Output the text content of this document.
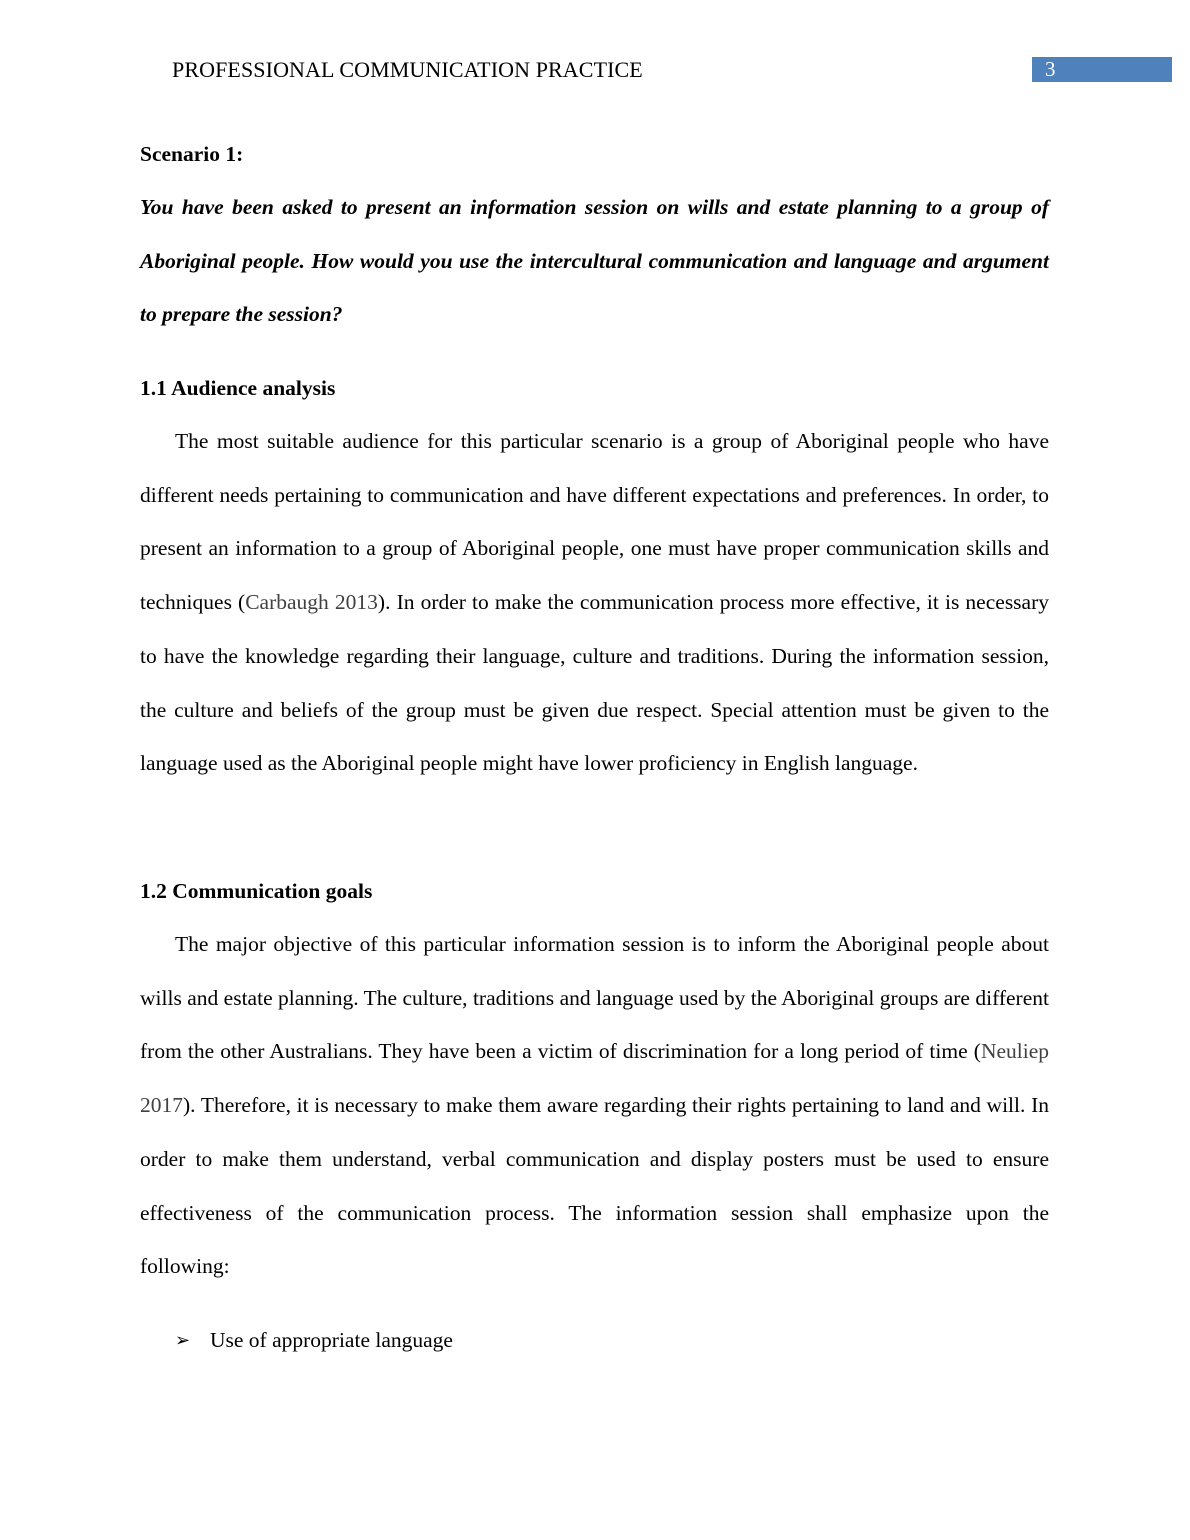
PROFESSIONAL COMMUNICATION PRACTICE	3
Scenario 1:
You have been asked to present an information session on wills and estate planning to a group of Aboriginal people. How would you use the intercultural communication and language and argument to prepare the session?
1.1 Audience analysis

The most suitable audience for this particular scenario is a group of Aboriginal people who have different needs pertaining to communication and have different expectations and preferences. In order, to present an information to a group of Aboriginal people, one must have proper communication skills and techniques (Carbaugh 2013). In order to make the communication process more effective, it is necessary to have the knowledge regarding their language, culture and traditions. During the information session, the culture and beliefs of the group must be given due respect. Special attention must be given to the language used as the Aboriginal people might have lower proficiency in English language.

1.2 Communication goals

The major objective of this particular information session is to inform the Aboriginal people about wills and estate planning. The culture, traditions and language used by the Aboriginal groups are different from the other Australians. They have been a victim of discrimination for a long period of time (Neuliep 2017). Therefore, it is necessary to make them aware regarding their rights pertaining to land and will. In order to make them understand, verbal communication and display posters must be used to ensure effectiveness of the communication process. The information session shall emphasize upon the following:

➢ Use of appropriate language
